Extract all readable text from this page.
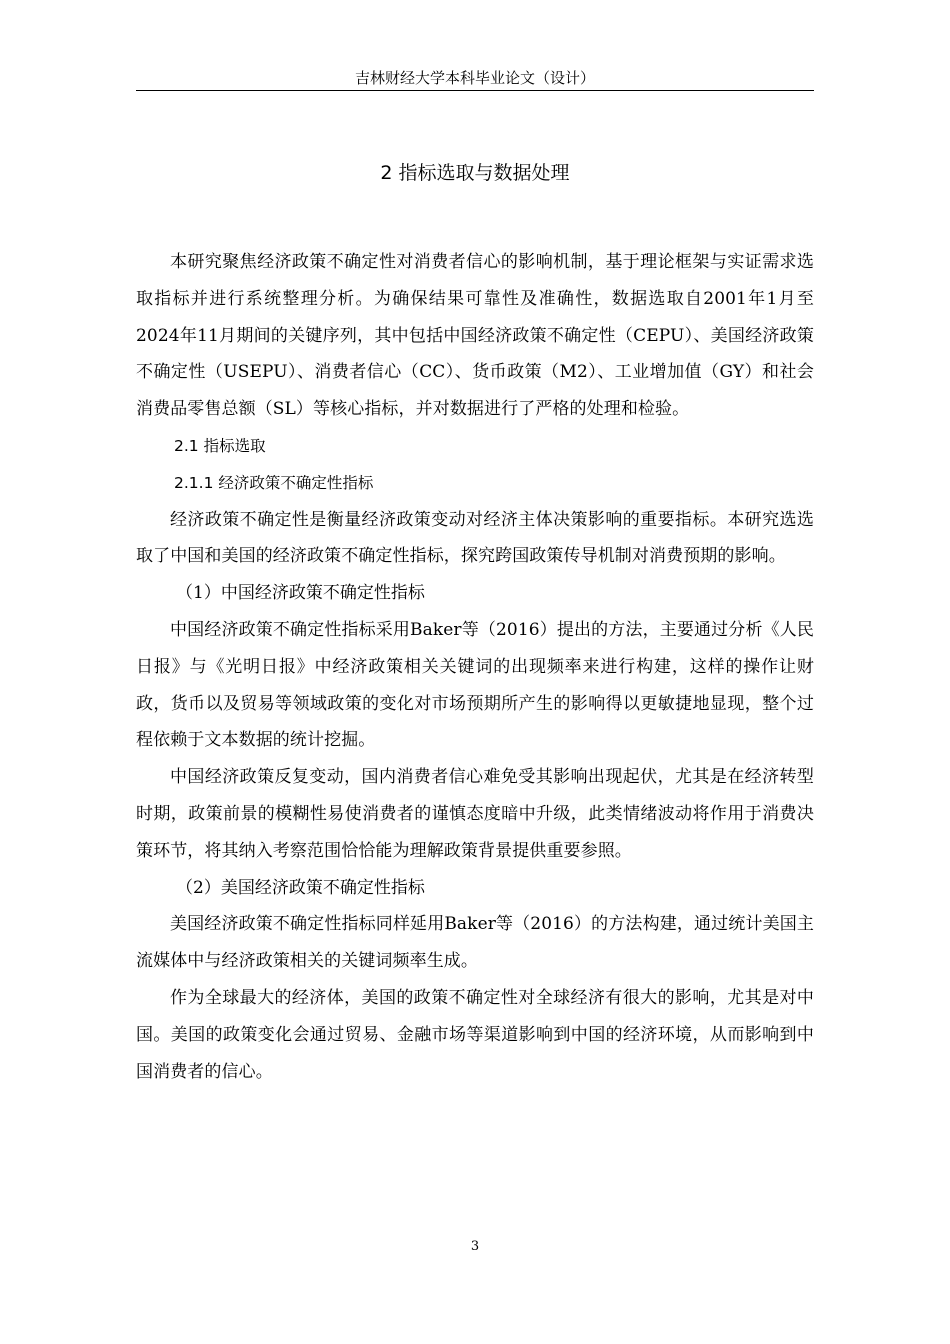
吉林财经大学本科毕业论文（设计）
2 指标选取与数据处理

本研究聚焦经济政策不确定性对消费者信心的影响机制，基于理论框架与实证需求选取指标并进行系统整理分析。为确保结果可靠性及准确性，数据选取自2001年1月至2024年11月期间的关键序列，其中包括中国经济政策不确定性（CEPU）、美国经济政策不确定性（USEPU）、消费者信心（CC）、货币政策（M2）、工业增加值（GY）和社会消费品零售总额（SL）等核心指标，并对数据进行了严格的处理和检验。

2.1 指标选取

2.1.1 经济政策不确定性指标

经济政策不确定性是衡量经济政策变动对经济主体决策影响的重要指标。本研究选选取了中国和美国的经济政策不确定性指标，探究跨国政策传导机制对消费预期的影响。

（1）中国经济政策不确定性指标

中国经济政策不确定性指标采用Baker等（2016）提出的方法，主要通过分析《人民日报》与《光明日报》中经济政策相关关键词的出现频率来进行构建，这样的操作让财政，货币以及贸易等领域政策的变化对市场预期所产生的影响得以更敏捷地显现，整个过程依赖于文本数据的统计挖掘。

中国经济政策反复变动，国内消费者信心难免受其影响出现起伏，尤其是在经济转型时期，政策前景的模糊性易使消费者的谨慎态度暗中升级，此类情绪波动将作用于消费决策环节，将其纳入考察范围恰恰能为理解政策背景提供重要参照。

（2）美国经济政策不确定性指标

美国经济政策不确定性指标同样延用Baker等（2016）的方法构建，通过统计美国主流媒体中与经济政策相关的关键词频率生成。

作为全球最大的经济体，美国的政策不确定性对全球经济有很大的影响，尤其是对中国。美国的政策变化会通过贸易、金融市场等渠道影响到中国的经济环境，从而影响到中国消费者的信心。

3
